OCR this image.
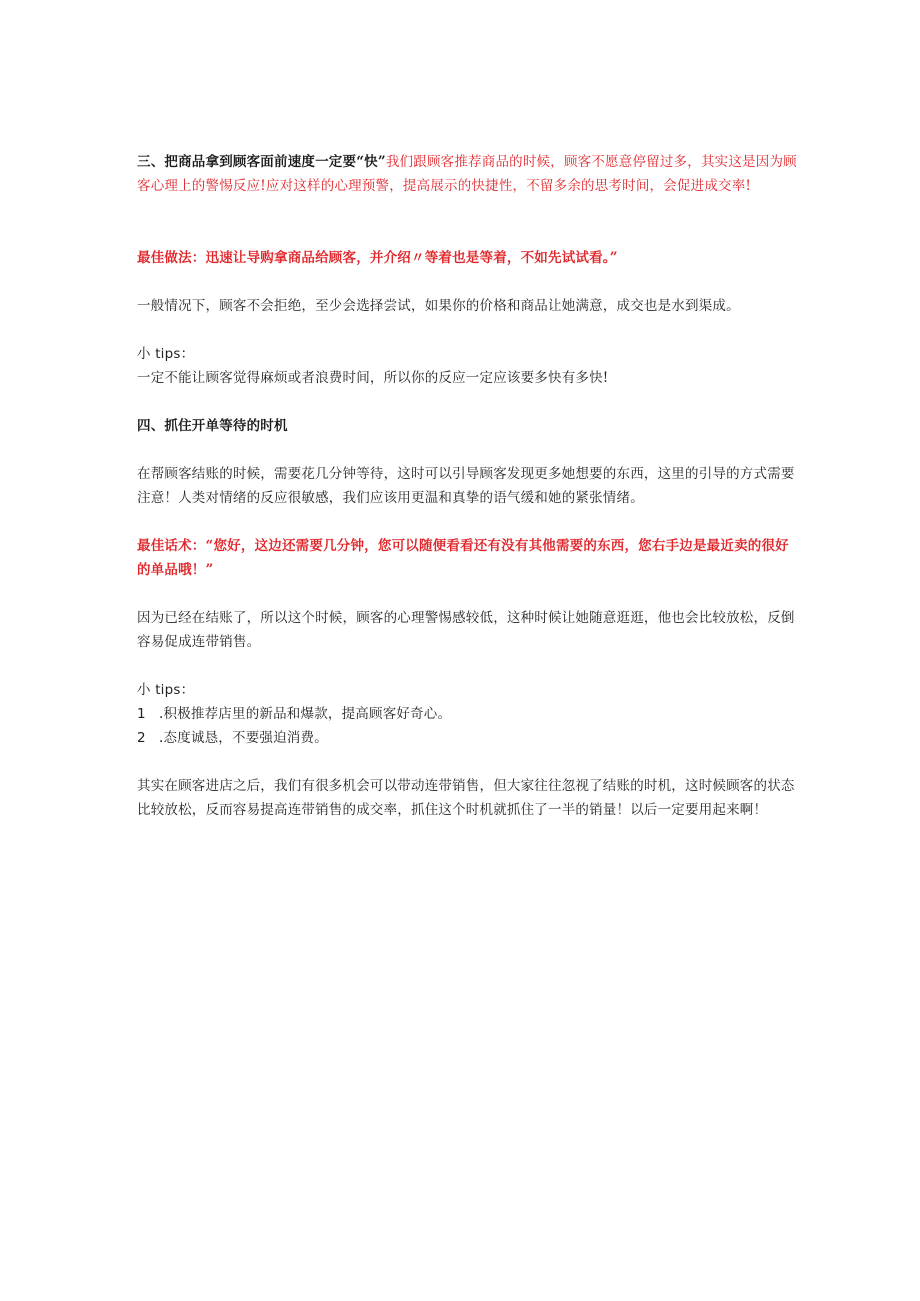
三、把商品拿到顾客面前速度一定要“快”我们跟顾客推荐商品的时候，顾客不愿意停留过多，其实这是因为顾客心理上的警惕反应!应对这样的心理预警，提高展示的快捷性，不留多余的思考时间，会促进成交率!
最佳做法：迅速让导购拿商品给顾客，并介绍〃等着也是等着，不如先试试看。”
一般情况下，顾客不会拒绝，至少会选择尝试，如果你的价格和商品让她满意，成交也是水到渠成。
小 tips：
一定不能让顾客觉得麻烦或者浪费时间，所以你的反应一定应该要多快有多快!
四、抓住开单等待的时机
在帮顾客结账的时候，需要花几分钟等待，这时可以引导顾客发现更多她想要的东西，这里的引导的方式需要注意！人类对情绪的反应很敏感，我们应该用更温和真挚的语气缓和她的紧张情绪。
最佳话术：“您好，这边还需要几分钟，您可以随便看看还有没有其他需要的东西，您右手边是最近卖的很好的单品哦！”
因为已经在结账了，所以这个时候，顾客的心理警惕感较低，这种时候让她随意逛逛，他也会比较放松，反倒容易促成连带销售。
小 tips：
1 .积极推荐店里的新品和爆款，提高顾客好奇心。
2 .态度诚恳，不要强迫消费。
其实在顾客进店之后，我们有很多机会可以带动连带销售，但大家往往忽视了结账的时机，这时候顾客的状态比较放松，反而容易提高连带销售的成交率，抓住这个时机就抓住了一半的销量！以后一定要用起来啊！
